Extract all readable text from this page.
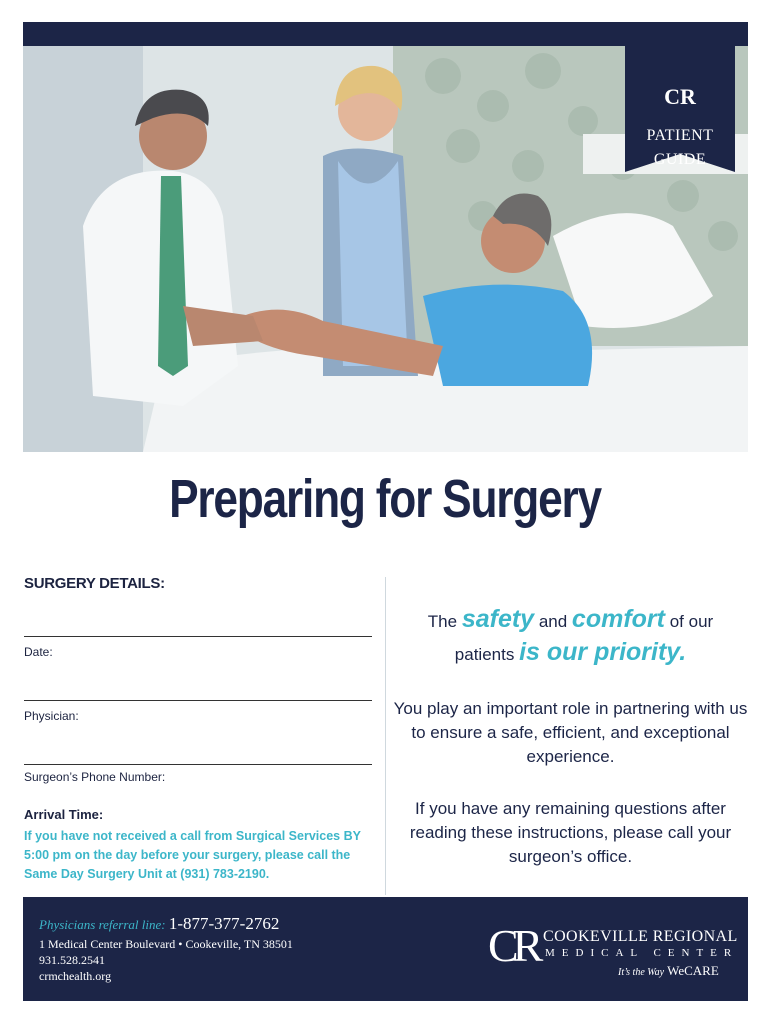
CR
PATIENT
GUIDE
Preparing for Surgery
SURGERY DETAILS:
Date:
Physician:
Surgeon’s Phone Number:
Arrival Time:
If you have not received a call from Surgical Services BY 5:00 pm on the day before your surgery, please call the Same Day Surgery Unit at (931) 783-2190.
The safety and comfort of our
patients is our priority.
You play an important role in partnering with us to ensure a safe, efficient, and exceptional experience.
If you have any remaining questions after reading these instructions, please call your surgeon’s office.
Physicians referral line: 1-877-377-2762
1 Medical Center Boulevard • Cookeville, TN 38501
931.528.2541
crmchealth.org
CR COOKEVILLE REGIONAL
MEDICAL CENTER
It’s the Way WeCARE
